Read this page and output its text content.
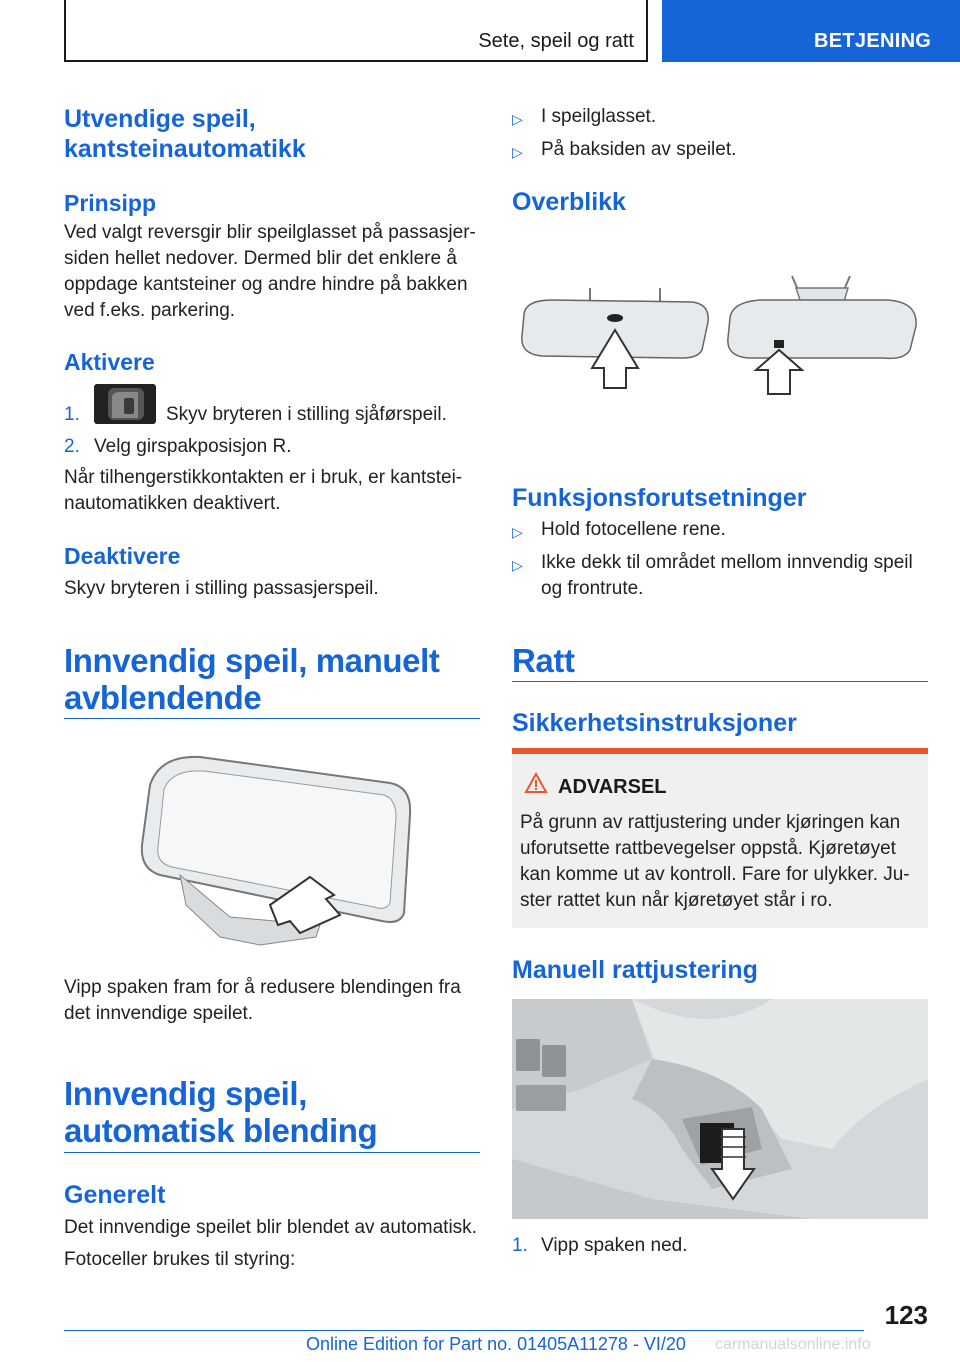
Sete, speil og ratt	BETJENING
Utvendige speil, kantsteinautomatikk
Prinsipp

Ved valgt reversgir blir speilglasset på passasjer-siden hellet nedover. Dermed blir det enklere å oppdage kantsteiner og andre hindre på bakken ved f.eks. parkering.

Aktivere
1.	Skyv bryteren i stilling sjåførspeil.
2. Velg girspakposisjon R.

Når tilhengerstikkontakten er i bruk, er kantstei-nautomatikken deaktivert.

Deaktivere

Skyv bryteren i stilling passasjerspeil.

Innvendig speil, manuelt avblendende

Vipp spaken fram for å redusere blendingen fra det innvendige speilet.

Innvendig speil, automatisk blending
Generelt

Det innvendige speilet blir blendet av automatisk.

Fotoceller brukes til styring:

▷ I speilglasset.
▷ På baksiden av speilet.
Overblikk
Funksjonsforutsetninger
▷ Hold fotocellene rene.
▷ Ikke dekk til området mellom innvendig speil og frontrute.
Ratt
Sikkerhetsinstruksjoner
ADVARSEL

På grunn av rattjustering under kjøringen kan uforutsette rattbevegelser oppstå. Kjøretøyet kan komme ut av kontroll. Fare for ulykker. Ju-ster rattet kun når kjøretøyet står i ro.

Manuell rattjustering
1. Vipp spaken ned.
123
Online Edition for Part no. 01405A11278 - VI/20 carmanualsonline.info
